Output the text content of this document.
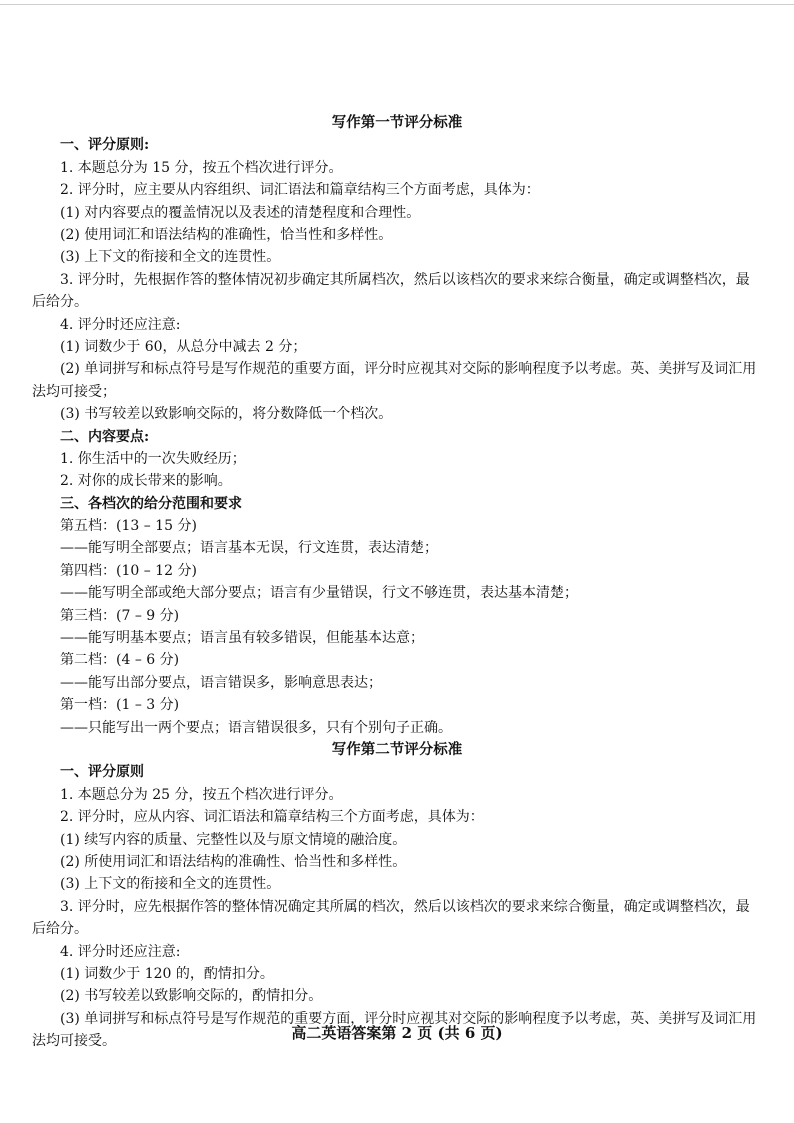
写作第一节评分标准
一、评分原则:
1. 本题总分为 15 分，按五个档次进行评分。
2. 评分时，应主要从内容组织、词汇语法和篇章结构三个方面考虑，具体为：
(1) 对内容要点的覆盖情况以及表述的清楚程度和合理性。
(2) 使用词汇和语法结构的准确性，恰当性和多样性。
(3) 上下文的衔接和全文的连贯性。
3. 评分时，先根据作答的整体情况初步确定其所属档次，然后以该档次的要求来综合衡量，确定或调整档次，最后给分。
4. 评分时还应注意:
(1) 词数少于 60，从总分中减去 2 分；
(2) 单词拼写和标点符号是写作规范的重要方面，评分时应视其对交际的影响程度予以考虑。英、美拼写及词汇用法均可接受；
(3) 书写较差以致影响交际的，将分数降低一个档次。
二、内容要点:
1. 你生活中的一次失败经历；
2. 对你的成长带来的影响。
三、各档次的给分范围和要求
第五档：(13 – 15 分)
——能写明全部要点；语言基本无误，行文连贯，表达清楚；
第四档：(10 – 12 分)
——能写明全部或绝大部分要点；语言有少量错误，行文不够连贯，表达基本清楚；
第三档：(7 – 9 分)
——能写明基本要点；语言虽有较多错误，但能基本达意；
第二档：(4 – 6 分)
——能写出部分要点，语言错误多，影响意思表达；
第一档：(1 – 3 分)
——只能写出一两个要点；语言错误很多，只有个别句子正确。
写作第二节评分标准
一、评分原则
1. 本题总分为 25 分，按五个档次进行评分。
2. 评分时，应从内容、词汇语法和篇章结构三个方面考虑，具体为：
(1) 续写内容的质量、完整性以及与原文情境的融洽度。
(2) 所使用词汇和语法结构的准确性、恰当性和多样性。
(3) 上下文的衔接和全文的连贯性。
3. 评分时，应先根据作答的整体情况确定其所属的档次，然后以该档次的要求来综合衡量，确定或调整档次，最后给分。
4. 评分时还应注意:
(1) 词数少于 120 的，酌情扣分。
(2) 书写较差以致影响交际的，酌情扣分。
(3) 单词拼写和标点符号是写作规范的重要方面，评分时应视其对交际的影响程度予以考虑，英、美拼写及词汇用法均可接受。	高二英语答案第 2 页 (共 6 页)
